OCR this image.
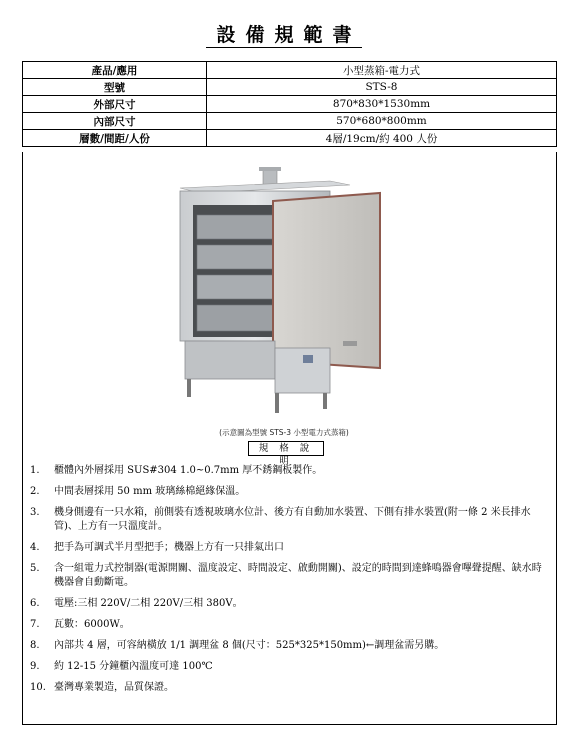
設備規範書
產品/應用	小型蒸箱-電力式
型號	STS-8
外部尺寸	870*830*1530mm
內部尺寸	570*680*800mm
層數/間距/人份	4層/19cm/約 400 人份
(示意圖為型號 STS-3 小型電力式蒸箱)
規 格 說 明
1.	櫃體內外層採用 SUS#304 1.0~0.7mm 厚不銹鋼板製作。
2.	中間表層採用 50 mm 玻璃絲棉絕緣保溫。
3.	機身側邊有一只水箱，前側裝有透視玻璃水位計、後方有自動加水裝置、下側有排水裝置(附一條 2 米長排水管)、上方有一只溫度計。
4.	把手為可調式半月型把手；機器上方有一只排氣出口
5.	含一組電力式控制器(電源開關、溫度設定、時間設定、啟動開關)、設定的時間到達蜂鳴器會嗶聲提醒、缺水時機器會自動斷電。
6.	電壓:三相 220V/二相 220V/三相 380V。
7.	瓦數：6000W。
8.	內部共 4 層，可容納橫放 1/1 調理盆 8 個(尺寸：525*325*150mm)←調理盆需另購。
9.	約 12-15 分鐘櫃內溫度可達 100℃
10. 臺灣專業製造，品質保證。
